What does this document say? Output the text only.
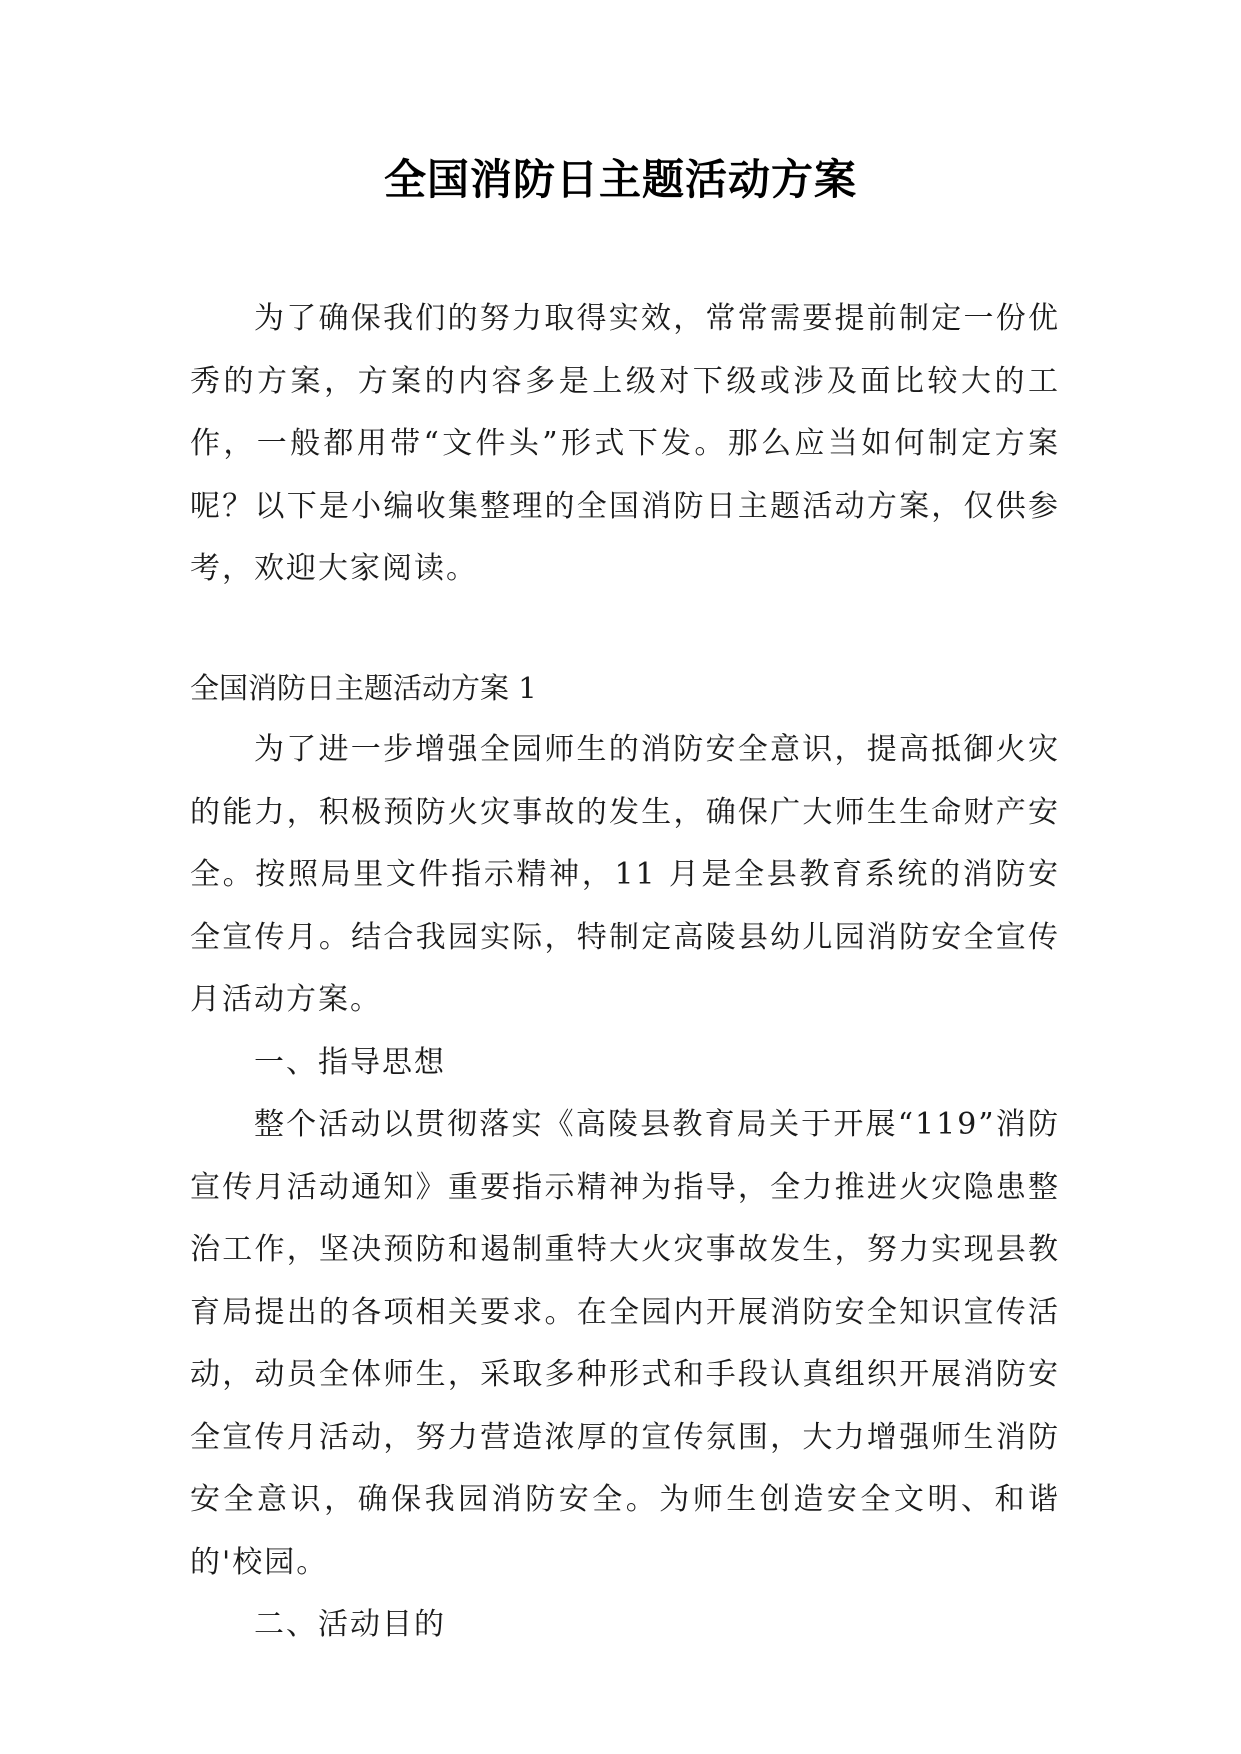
全国消防日主题活动方案

为了确保我们的努力取得实效，常常需要提前制定一份优秀的方案，方案的内容多是上级对下级或涉及面比较大的工作，一般都用带“文件头”形式下发。那么应当如何制定方案呢？以下是小编收集整理的全国消防日主题活动方案，仅供参考，欢迎大家阅读。

全国消防日主题活动方案 1

为了进一步增强全园师生的消防安全意识，提高抵御火灾的能力，积极预防火灾事故的发生，确保广大师生生命财产安全。按照局里文件指示精神，11 月是全县教育系统的消防安全宣传月。结合我园实际，特制定高陵县幼儿园消防安全宣传月活动方案。

一、指导思想

整个活动以贯彻落实《高陵县教育局关于开展“119”消防宣传月活动通知》重要指示精神为指导，全力推进火灾隐患整治工作，坚决预防和遏制重特大火灾事故发生，努力实现县教育局提出的各项相关要求。在全园内开展消防安全知识宣传活动，动员全体师生，采取多种形式和手段认真组织开展消防安全宣传月活动，努力营造浓厚的宣传氛围，大力增强师生消防安全意识，确保我园消防安全。为师生创造安全文明、和谐的'校园。

二、活动目的
